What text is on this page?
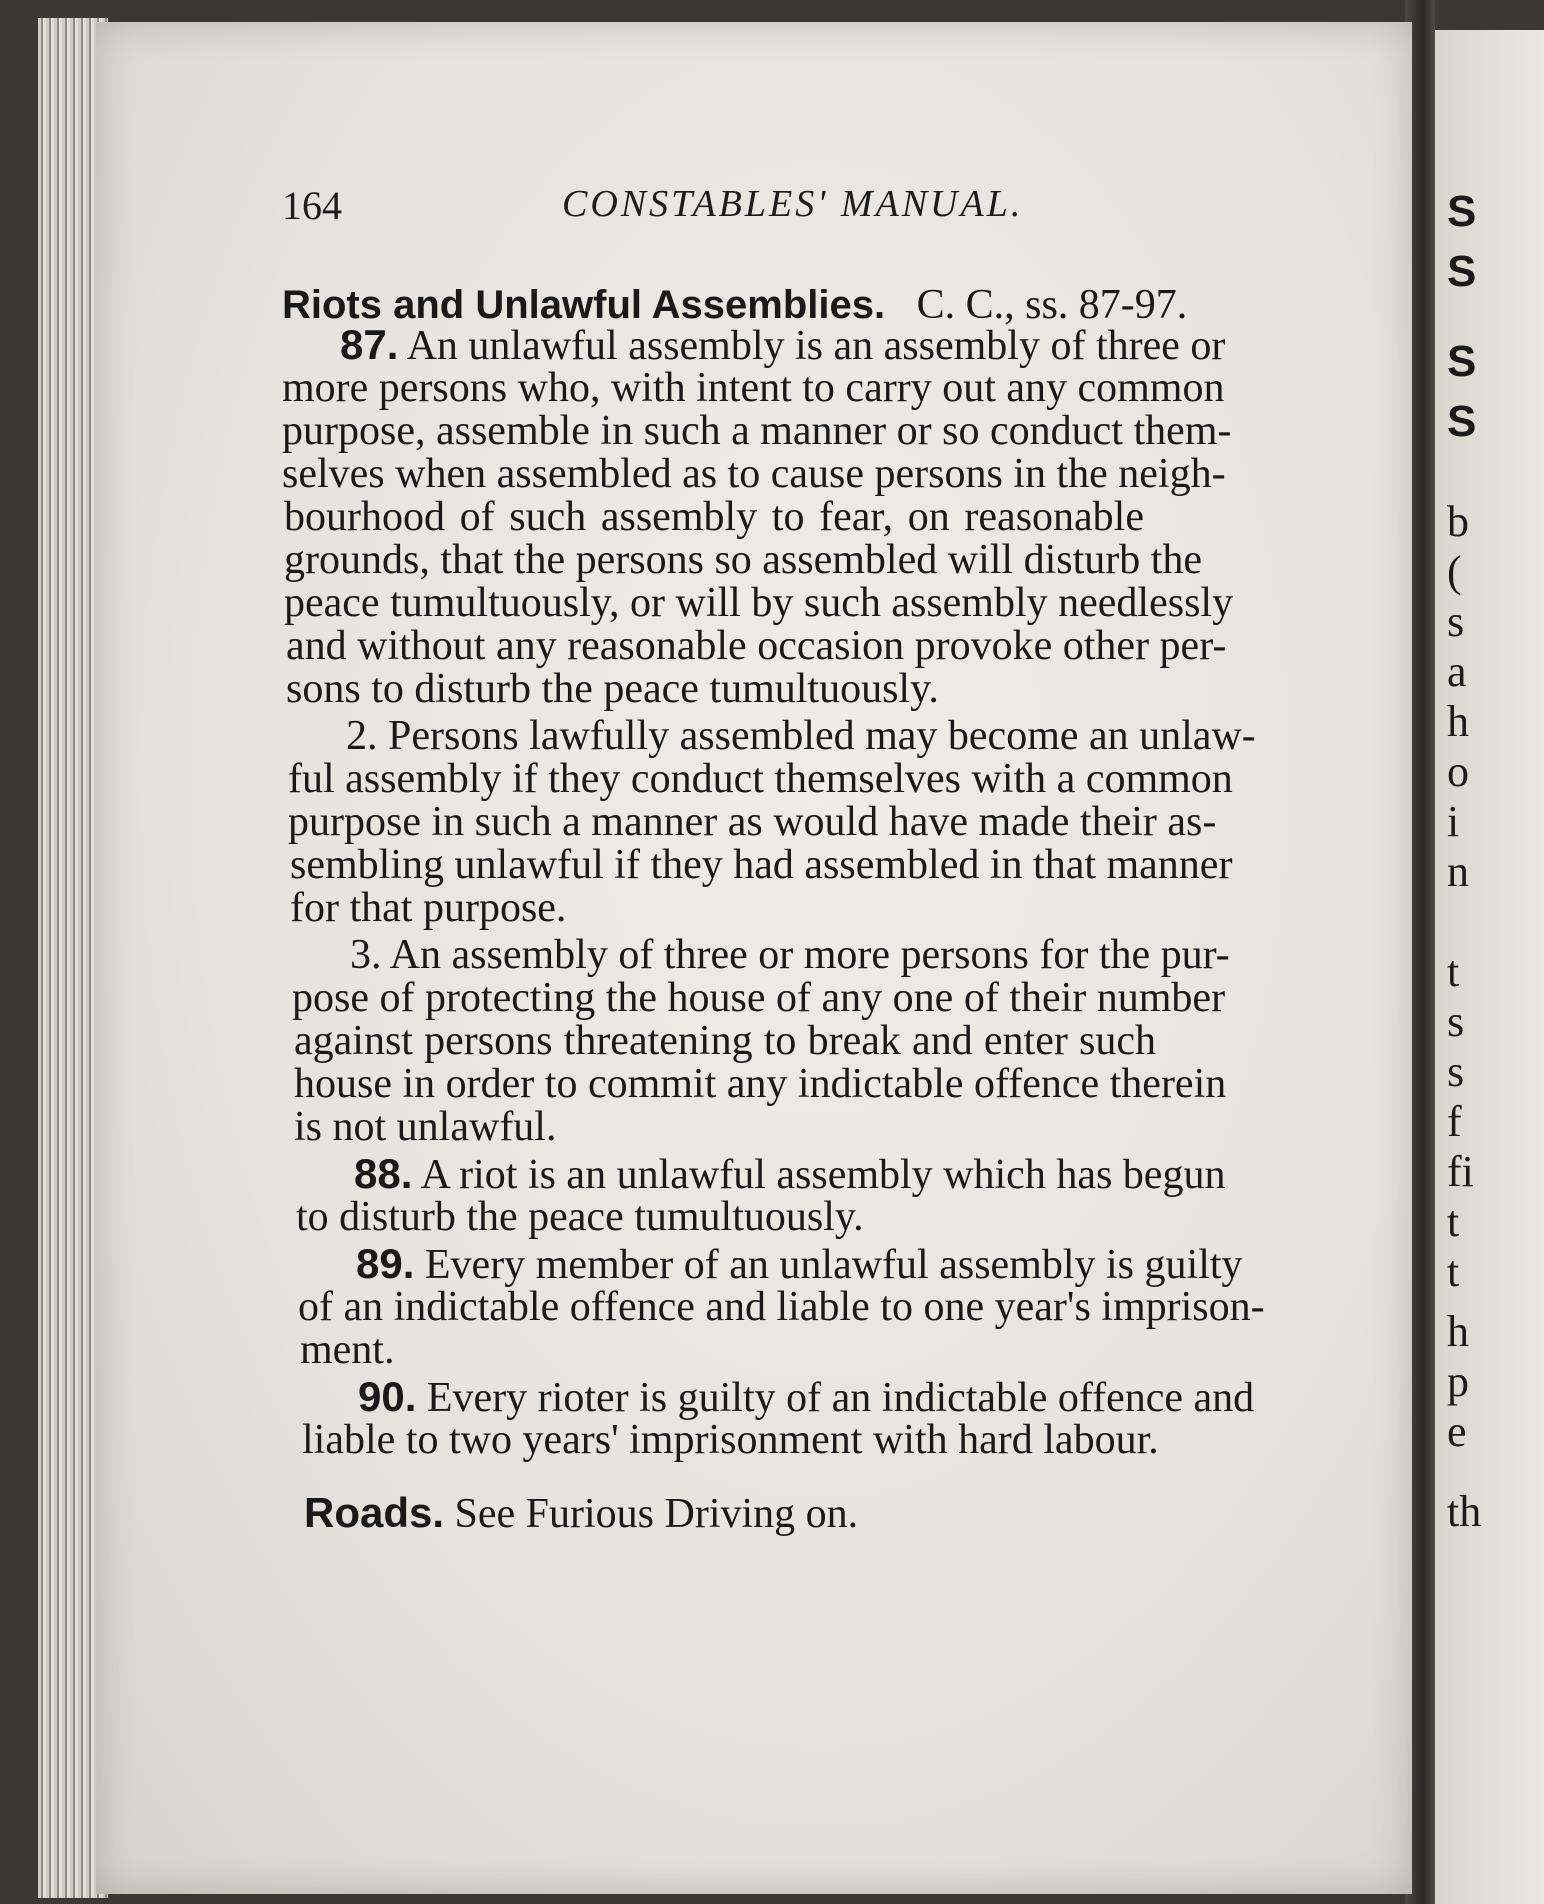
S
S
S
S
b
(
s
a
h
o
i
n
t
s
s
f
fi
t
t
h
p
e
th
164	CONSTABLES' MANUAL.
Riots and Unlawful Assemblies. C. C., ss. 87-97.
87. An unlawful assembly is an assembly of three or
more persons who, with intent to carry out any common
purpose, assemble in such a manner or so conduct them-
selves when assembled as to cause persons in the neigh-
bourhood of such assembly to fear, on reasonable
grounds, that the persons so assembled will disturb the
peace tumultuously, or will by such assembly needlessly
and without any reasonable occasion provoke other per-
sons to disturb the peace tumultuously.
2. Persons lawfully assembled may become an unlaw-
ful assembly if they conduct themselves with a common
purpose in such a manner as would have made their as-
sembling unlawful if they had assembled in that manner
for that purpose.
3. An assembly of three or more persons for the pur-
pose of protecting the house of any one of their number
against persons threatening to break and enter such
house in order to commit any indictable offence therein
is not unlawful.
88. A riot is an unlawful assembly which has begun
to disturb the peace tumultuously.
89. Every member of an unlawful assembly is guilty
of an indictable offence and liable to one year's imprison-
ment.
90. Every rioter is guilty of an indictable offence and
liable to two years' imprisonment with hard labour.
Roads. See Furious Driving on.
